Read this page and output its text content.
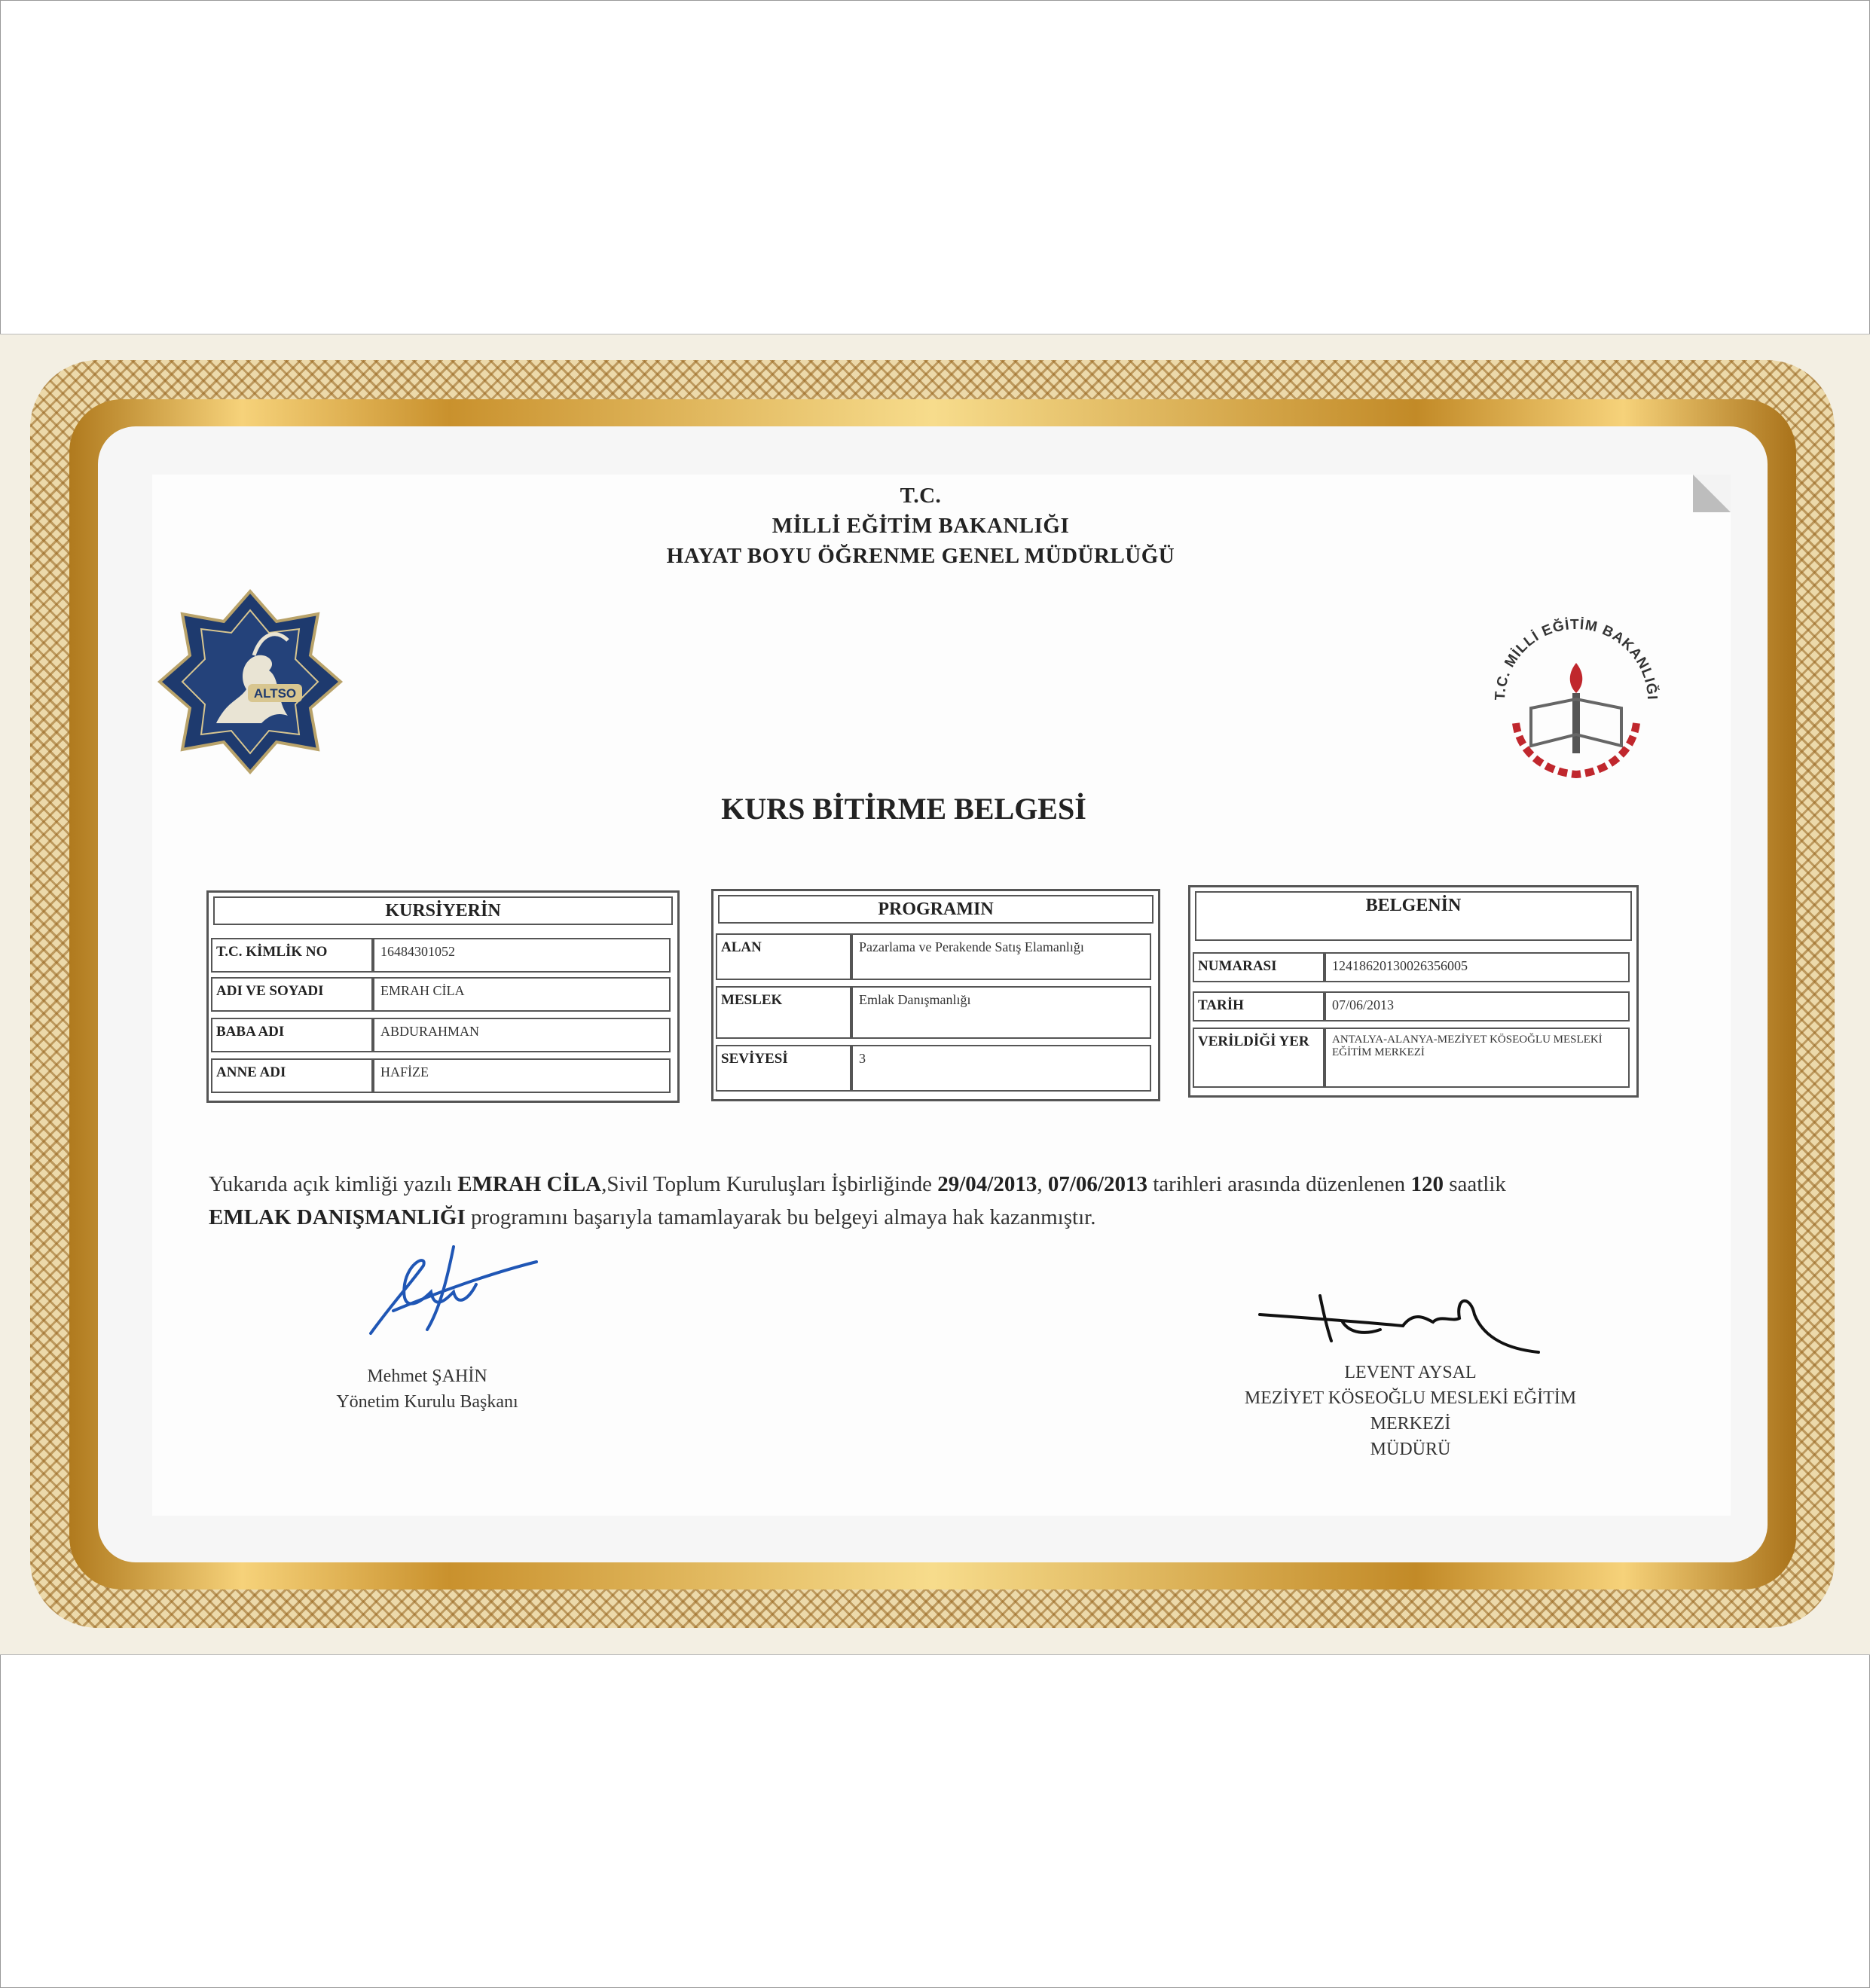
T.C.
MİLLİ EĞİTİM BAKANLIĞI
HAYAT BOYU ÖĞRENME GENEL MÜDÜRLÜĞÜ
ALTSO	T.C. MİLLİ EĞİTİM BAKANLIĞI
KURS BİTİRME BELGESİ
KURSİYERİN
T.C. KİMLİK NO	16484301052
ADI VE SOYADI	EMRAH CİLA
BABA ADI	ABDURAHMAN
ANNE ADI	HAFİZE
PROGRAMIN
ALAN	Pazarlama ve Perakende Satış Elamanlığı
MESLEK	Emlak Danışmanlığı
SEVİYESİ	3
BELGENİN
NUMARASI	12418620130026356005
TARİH	07/06/2013
VERİLDİĞİ YER	ANTALYA-ALANYA-MEZİYET KÖSEOĞLU MESLEKİ EĞİTİM MERKEZİ
Yukarıda açık kimliği yazılı EMRAH CİLA,Sivil Toplum Kuruluşları İşbirliğinde 29/04/2013, 07/06/2013 tarihleri arasında düzenlenen 120 saatlik
EMLAK DANIŞMANLIĞI programını başarıyla tamamlayarak bu belgeyi almaya hak kazanmıştır.
Mehmet ŞAHİN
Yönetim Kurulu Başkanı
LEVENT AYSAL
MEZİYET KÖSEOĞLU MESLEKİ EĞİTİM
MERKEZİ
MÜDÜRÜ
